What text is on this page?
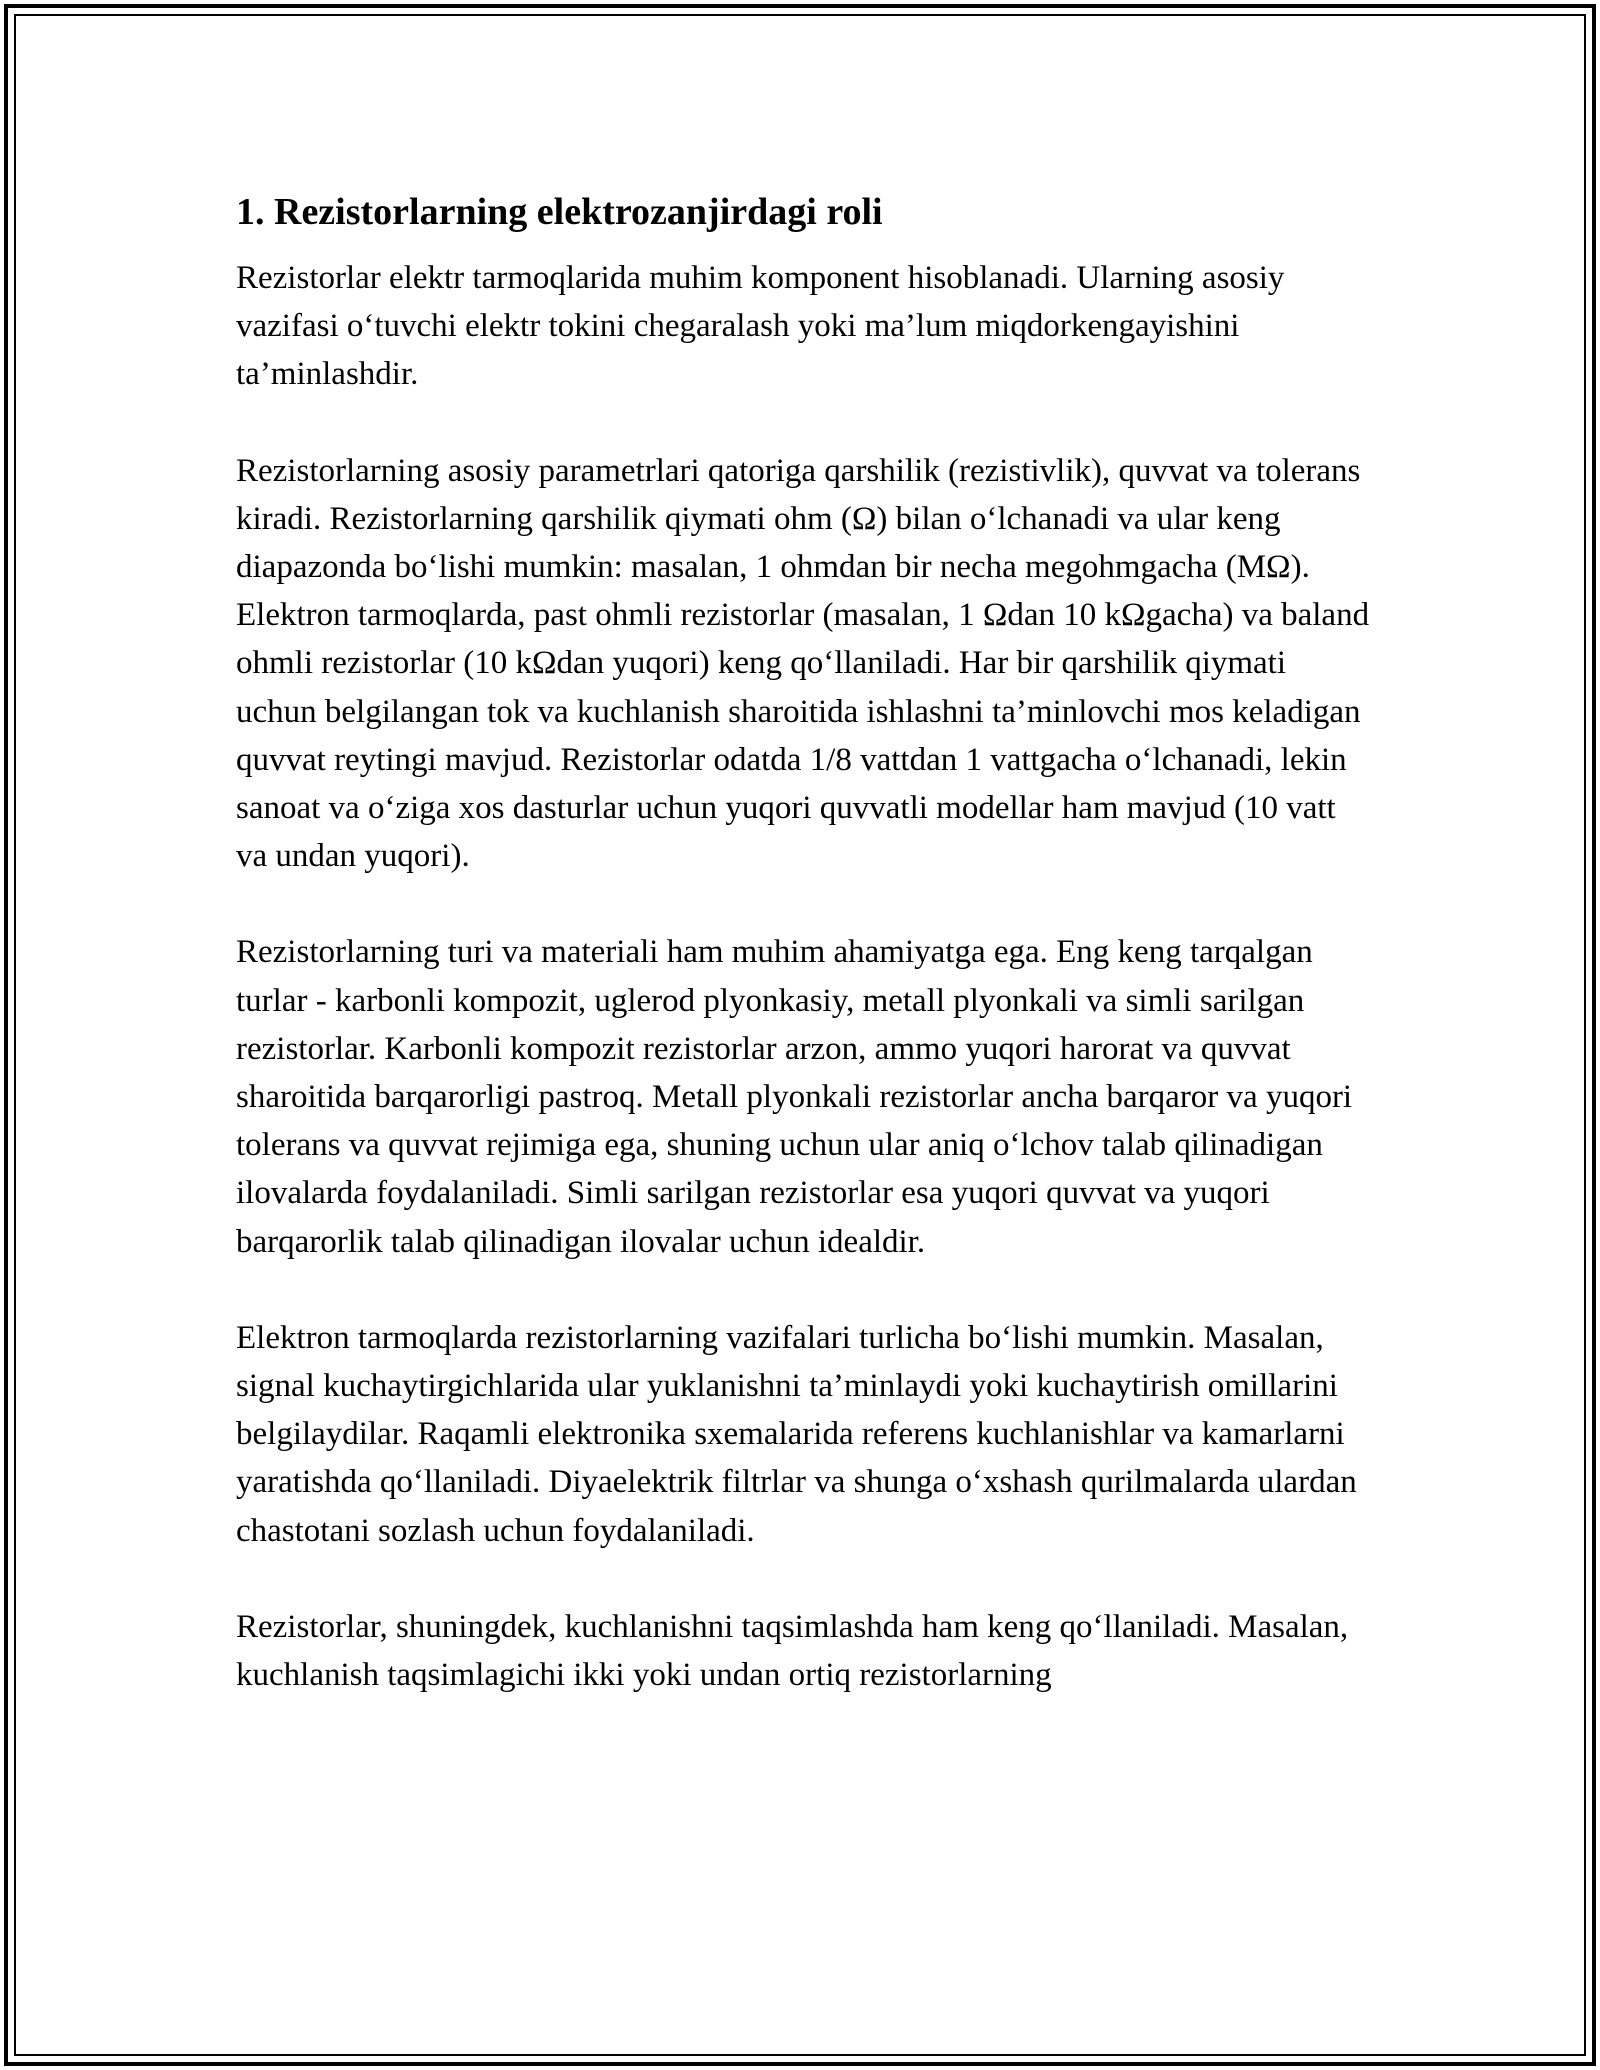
1. Rezistorlarning elektrozanjirdagi roli

Rezistorlar elektr tarmoqlarida muhim komponent hisoblanadi. Ularning asosiy vazifasi o‘tuvchi elektr tokini chegaralash yoki ma’lum miqdorkengayishini ta’minlashdir.

Rezistorlarning asosiy parametrlari qatoriga qarshilik (rezistivlik), quvvat va tolerans kiradi. Rezistorlarning qarshilik qiymati ohm (Ω) bilan o‘lchanadi va ular keng diapazonda bo‘lishi mumkin: masalan, 1 ohmdan bir necha megohmgacha (MΩ). Elektron tarmoqlarda, past ohmli rezistorlar (masalan, 1 Ωdan 10 kΩgacha) va baland ohmli rezistorlar (10 kΩdan yuqori) keng qo‘llaniladi. Har bir qarshilik qiymati uchun belgilangan tok va kuchlanish sharoitida ishlashni ta’minlovchi mos keladigan quvvat reytingi mavjud. Rezistorlar odatda 1/8 vattdan 1 vattgacha o‘lchanadi, lekin sanoat va o‘ziga xos dasturlar uchun yuqori quvvatli modellar ham mavjud (10 vatt va undan yuqori).

Rezistorlarning turi va materiali ham muhim ahamiyatga ega. Eng keng tarqalgan turlar - karbonli kompozit, uglerod plyonkasiy, metall plyonkali va simli sarilgan rezistorlar. Karbonli kompozit rezistorlar arzon, ammo yuqori harorat va quvvat sharoitida barqarorligi pastroq. Metall plyonkali rezistorlar ancha barqaror va yuqori tolerans va quvvat rejimiga ega, shuning uchun ular aniq o‘lchov talab qilinadigan ilovalarda foydalaniladi. Simli sarilgan rezistorlar esa yuqori quvvat va yuqori barqarorlik talab qilinadigan ilovalar uchun idealdir.

Elektron tarmoqlarda rezistorlarning vazifalari turlicha bo‘lishi mumkin. Masalan, signal kuchaytirgichlarida ular yuklanishni ta’minlaydi yoki kuchaytirish omillarini belgilaydilar. Raqamli elektronika sxemalarida referens kuchlanishlar va kamarlarni yaratishda qo‘llaniladi. Diyaelektrik filtrlar va shunga o‘xshash qurilmalarda ulardan chastotani sozlash uchun foydalaniladi.

Rezistorlar, shuningdek, kuchlanishni taqsimlashda ham keng qo‘llaniladi. Masalan, kuchlanish taqsimlagichi ikki yoki undan ortiq rezistorlarning
